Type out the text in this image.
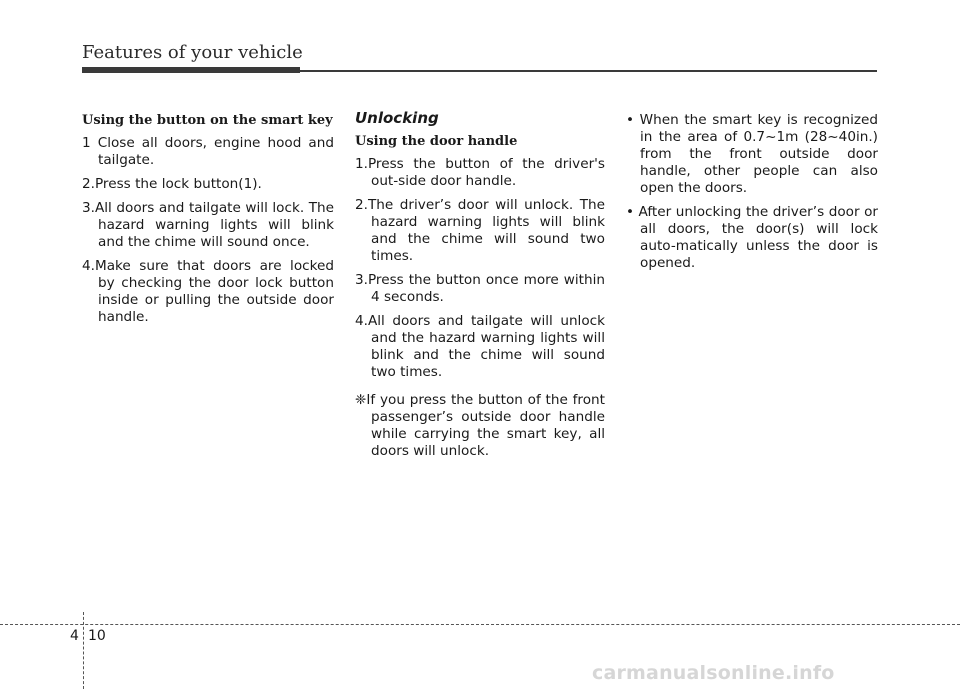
Features of your vehicle
Using the button on the smart key
1 Close all doors, engine hood and tailgate.
2.Press the lock button(1).
3.All doors and tailgate will lock. The hazard warning lights will blink and the chime will sound once.
4.Make sure that doors are locked by checking the door lock button inside or pulling the outside door handle.
Unlocking
Using the door handle
1.Press the button of the driver's out-side door handle.
2.The driver’s door will unlock. The hazard warning lights will blink and the chime will sound two times.
3.Press the button once more within 4 seconds.
4.All doors and tailgate will unlock and the hazard warning lights will blink and the chime will sound two times.
❈If you press the button of the front passenger’s outside door handle while carrying the smart key, all doors will unlock.
• When the smart key is recognized in the area of 0.7~1m (28~40in.) from the front outside door handle, other people can also open the doors.
• After unlocking the driver’s door or all doors, the door(s) will lock auto-matically unless the door is opened.
4 10
carmanualsonline.info
